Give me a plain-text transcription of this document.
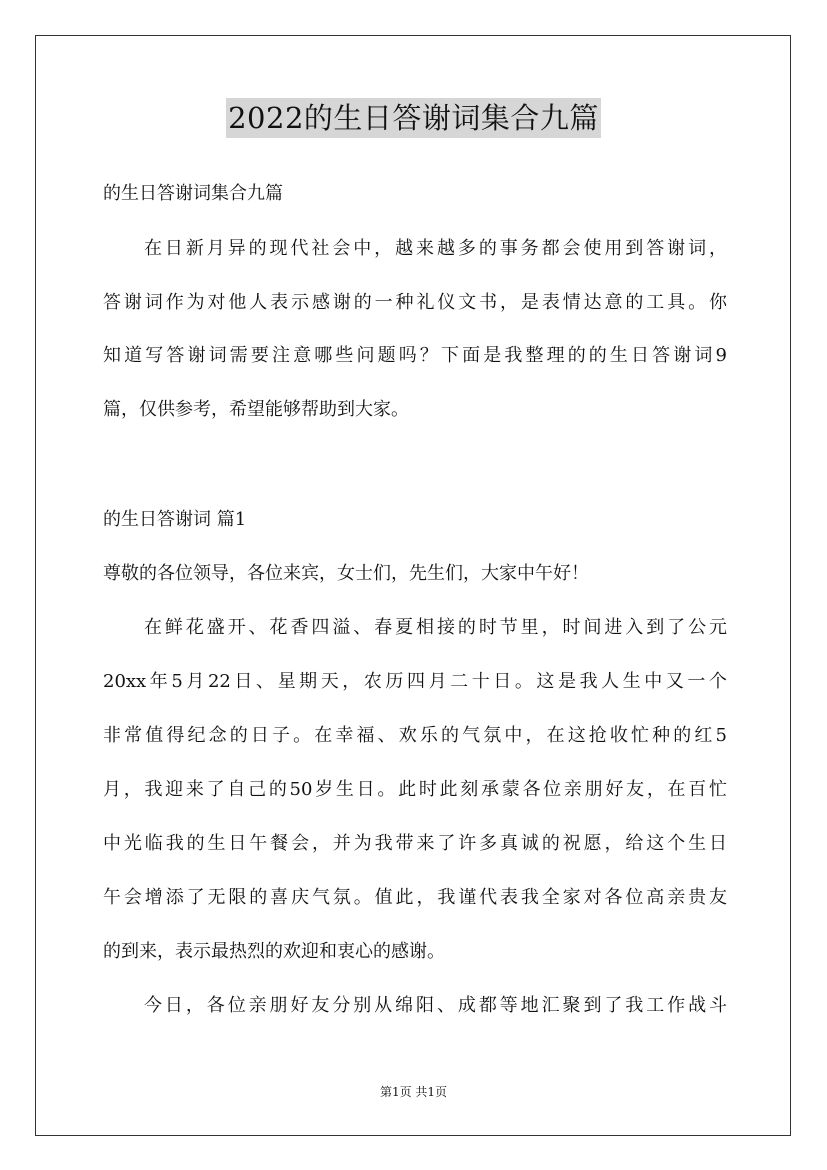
2022的生日答谢词集合九篇
的生日答谢词集合九篇
在日新月异的现代社会中，越来越多的事务都会使用到答谢词，
答谢词作为对他人表示感谢的一种礼仪文书，是表情达意的工具。你
知道写答谢词需要注意哪些问题吗？下面是我整理的的生日答谢词9
篇，仅供参考，希望能够帮助到大家。
的生日答谢词 篇1
尊敬的各位领导，各位来宾，女士们，先生们，大家中午好！
在鲜花盛开、花香四溢、春夏相接的时节里，时间进入到了公元
20xx年5月22日、星期天，农历四月二十日。这是我人生中又一个
非常值得纪念的日子。在幸福、欢乐的气氛中，在这抢收忙种的红5
月，我迎来了自己的50岁生日。此时此刻承蒙各位亲朋好友，在百忙
中光临我的生日午餐会，并为我带来了许多真诚的祝愿，给这个生日
午会增添了无限的喜庆气氛。值此，我谨代表我全家对各位高亲贵友
的到来，表示最热烈的欢迎和衷心的感谢。
今日，各位亲朋好友分别从绵阳、成都等地汇聚到了我工作战斗
第1页 共1页
